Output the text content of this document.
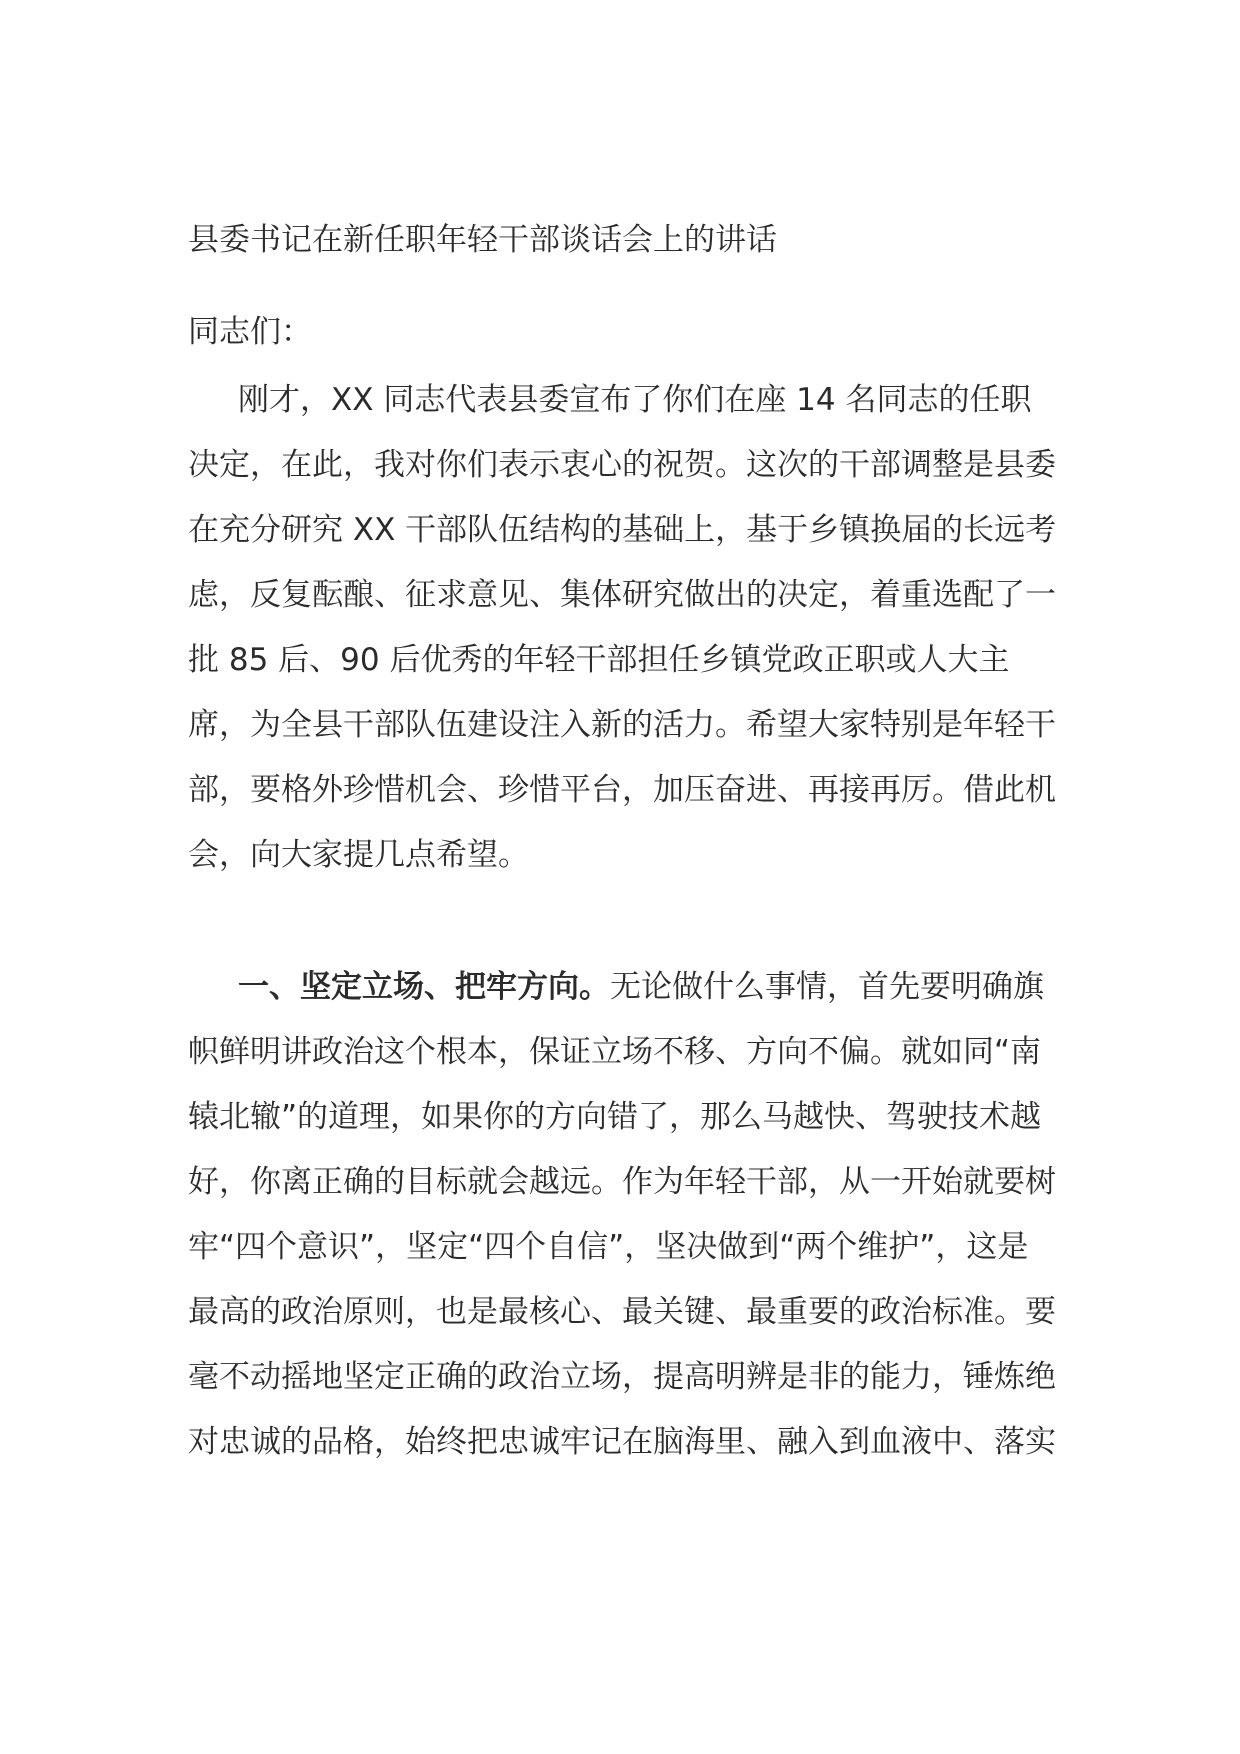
县委书记在新任职年轻干部谈话会上的讲话

同志们：

刚才，XX 同志代表县委宣布了你们在座 14 名同志的任职决定，在此，我对你们表示衷心的祝贺。这次的干部调整是县委在充分研究 XX 干部队伍结构的基础上，基于乡镇换届的长远考虑，反复酝酿、征求意见、集体研究做出的决定，着重选配了一批 85 后、90 后优秀的年轻干部担任乡镇党政正职或人大主席，为全县干部队伍建设注入新的活力。希望大家特别是年轻干部，要格外珍惜机会、珍惜平台，加压奋进、再接再厉。借此机会，向大家提几点希望。

一、坚定立场、把牢方向。无论做什么事情，首先要明确旗帜鲜明讲政治这个根本，保证立场不移、方向不偏。就如同“南辕北辙”的道理，如果你的方向错了，那么马越快、驾驶技术越好，你离正确的目标就会越远。作为年轻干部，从一开始就要树牢“四个意识”，坚定“四个自信”，坚决做到“两个维护”，这是最高的政治原则，也是最核心、最关键、最重要的政治标准。要毫不动摇地坚定正确的政治立场，提高明辨是非的能力，锤炼绝对忠诚的品格，始终把忠诚牢记在脑海里、融入到血液中、落实
